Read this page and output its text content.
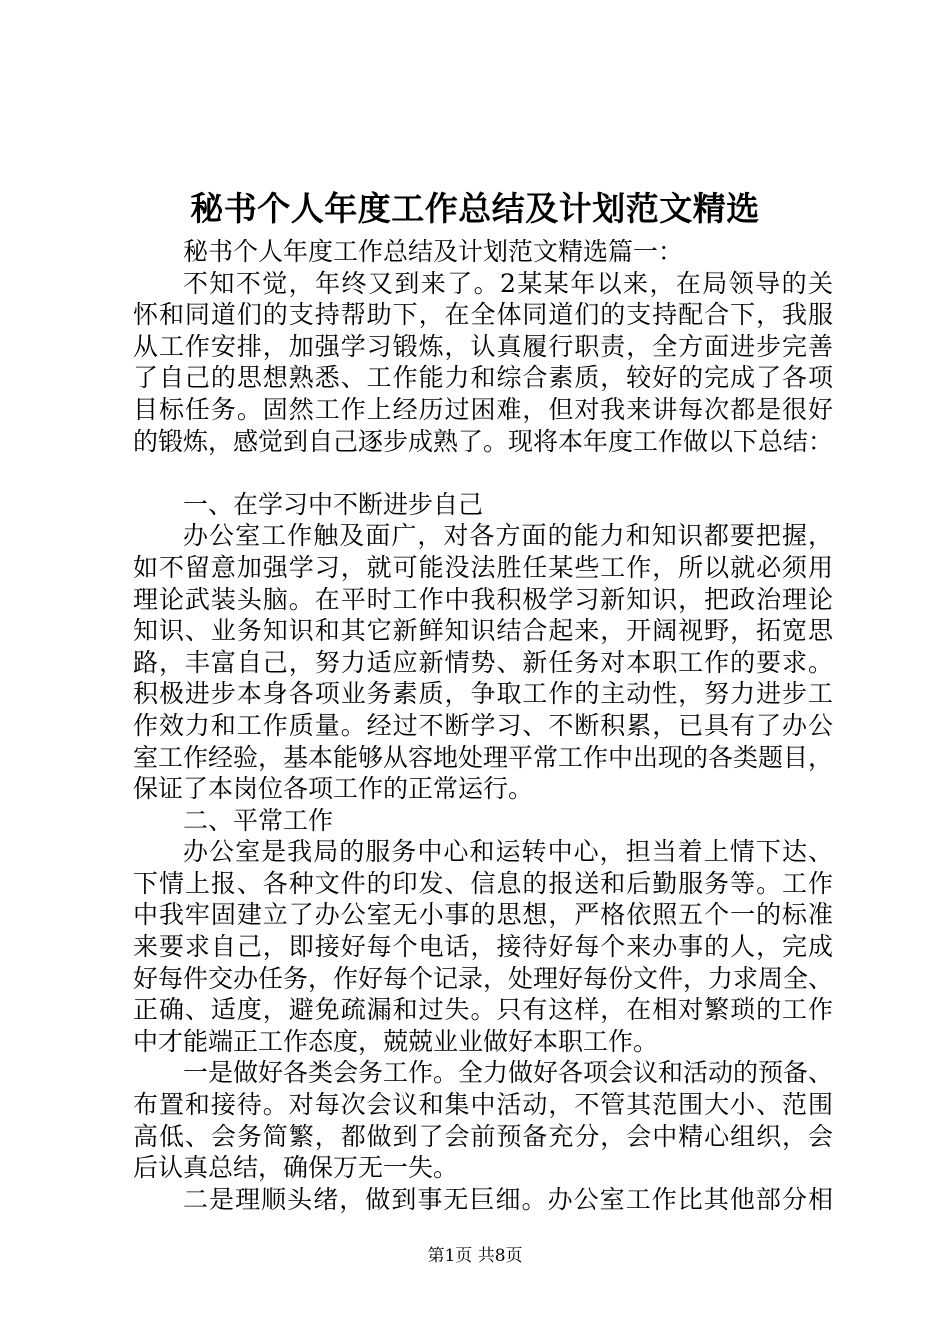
秘书个人年度工作总结及计划范文精选
秘书个人年度工作总结及计划范文精选篇一：
不知不觉，年终又到来了。2某某年以来，在局领导的关
怀和同道们的支持帮助下，在全体同道们的支持配合下，我服
从工作安排，加强学习锻炼，认真履行职责，全方面进步完善
了自己的思想熟悉、工作能力和综合素质，较好的完成了各项
目标任务。固然工作上经历过困难，但对我来讲每次都是很好
的锻炼，感觉到自己逐步成熟了。现将本年度工作做以下总结：
一、在学习中不断进步自己
办公室工作触及面广，对各方面的能力和知识都要把握，
如不留意加强学习，就可能没法胜任某些工作，所以就必须用
理论武装头脑。在平时工作中我积极学习新知识，把政治理论
知识、业务知识和其它新鲜知识结合起来，开阔视野，拓宽思
路，丰富自己，努力适应新情势、新任务对本职工作的要求。
积极进步本身各项业务素质，争取工作的主动性，努力进步工
作效力和工作质量。经过不断学习、不断积累，已具有了办公
室工作经验，基本能够从容地处理平常工作中出现的各类题目，
保证了本岗位各项工作的正常运行。
二、平常工作
办公室是我局的服务中心和运转中心，担当着上情下达、
下情上报、各种文件的印发、信息的报送和后勤服务等。工作
中我牢固建立了办公室无小事的思想，严格依照五个一的标准
来要求自己，即接好每个电话，接待好每个来办事的人，完成
好每件交办任务，作好每个记录，处理好每份文件，力求周全、
正确、适度，避免疏漏和过失。只有这样，在相对繁琐的工作
中才能端正工作态度，兢兢业业做好本职工作。
一是做好各类会务工作。全力做好各项会议和活动的预备、
布置和接待。对每次会议和集中活动，不管其范围大小、范围
高低、会务简繁，都做到了会前预备充分，会中精心组织，会
后认真总结，确保万无一失。
二是理顺头绪，做到事无巨细。办公室工作比其他部分相
第1页 共8页
